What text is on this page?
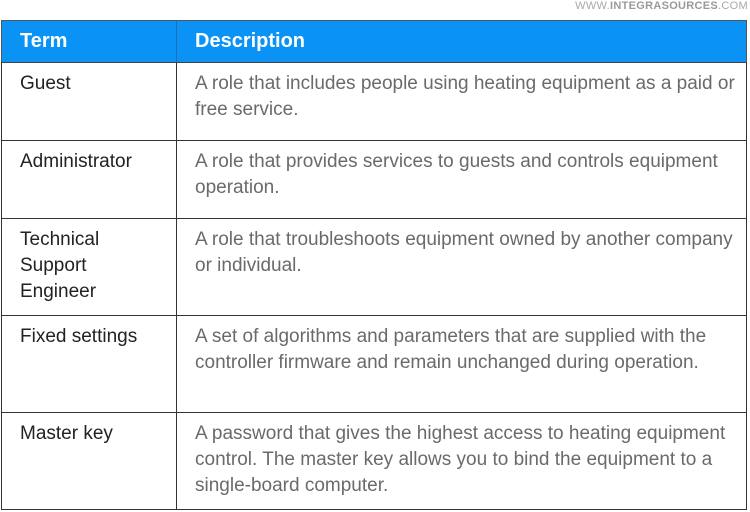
WWW.INTEGRASOURCES.COM
Term	Description
Guest	A role that includes people using heating equipment as a paid or free service.
Administrator	A role that provides services to guests and controls equipment operation.
Technical Support Engineer	A role that troubleshoots equipment owned by another company or individual.
Fixed settings	A set of algorithms and parameters that are supplied with the controller firmware and remain unchanged during operation.
Master key	A password that gives the highest access to heating equipment control. The master key allows you to bind the equipment to a single-board computer.
